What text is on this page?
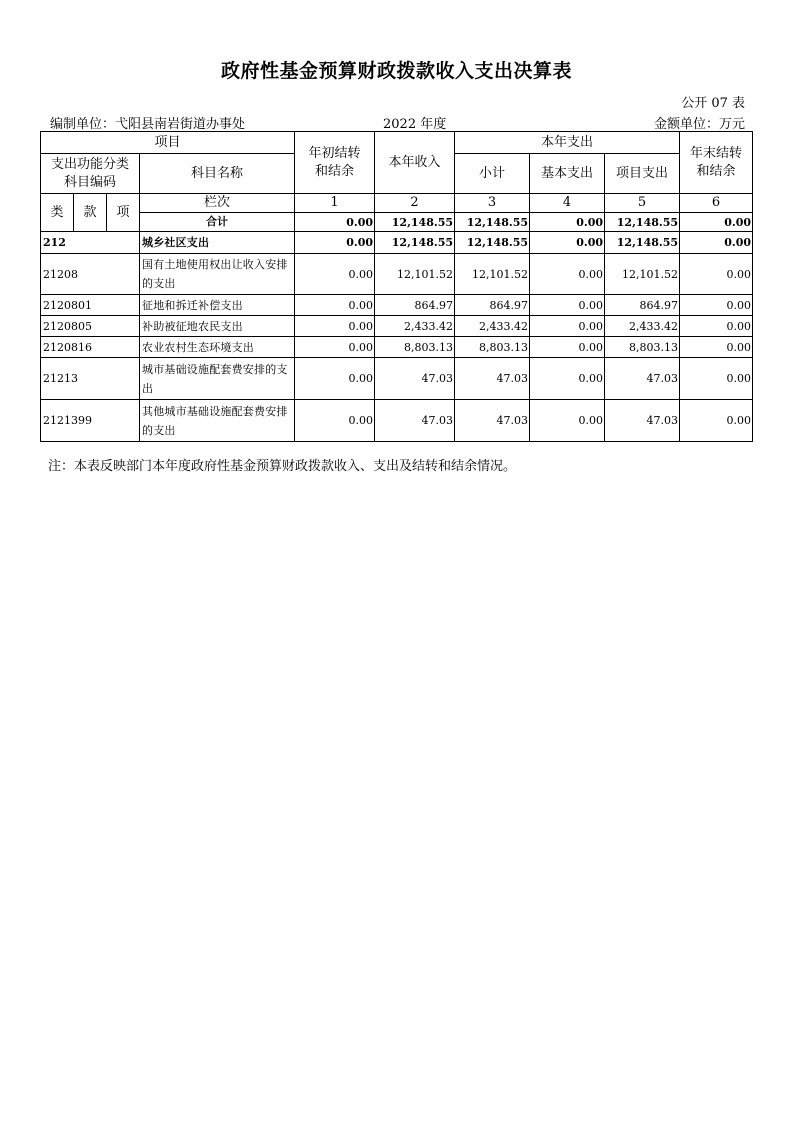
政府性基金预算财政拨款收入支出决算表
公开 07 表
编制单位：弋阳县南岩街道办事处	2022 年度	金额单位：万元
项目				年初结转和结余	本年收入	本年支出			年末结转和结余
支出功能分类科目编码			科目名称			小计	基本支出	项目支出	

类	款	项	栏次	1	2	3	4	5	6
			合计	0.00	12,148.55	12,148.55	0.00	12,148.55	0.00
212			城乡社区支出	0.00	12,148.55	12,148.55	0.00	12,148.55	0.00
21208			国有土地使用权出让收入安排的支出	0.00	12,101.52	12,101.52	0.00	12,101.52	0.00
2120801			征地和拆迁补偿支出	0.00	864.97	864.97	0.00	864.97	0.00
2120805			补助被征地农民支出	0.00	2,433.42	2,433.42	0.00	2,433.42	0.00
2120816			农业农村生态环境支出	0.00	8,803.13	8,803.13	0.00	8,803.13	0.00
21213			城市基础设施配套费安排的支出	0.00	47.03	47.03	0.00	47.03	0.00
2121399			其他城市基础设施配套费安排的支出	0.00	47.03	47.03	0.00	47.03	0.00
注：本表反映部门本年度政府性基金预算财政拨款收入、支出及结转和结余情况。
